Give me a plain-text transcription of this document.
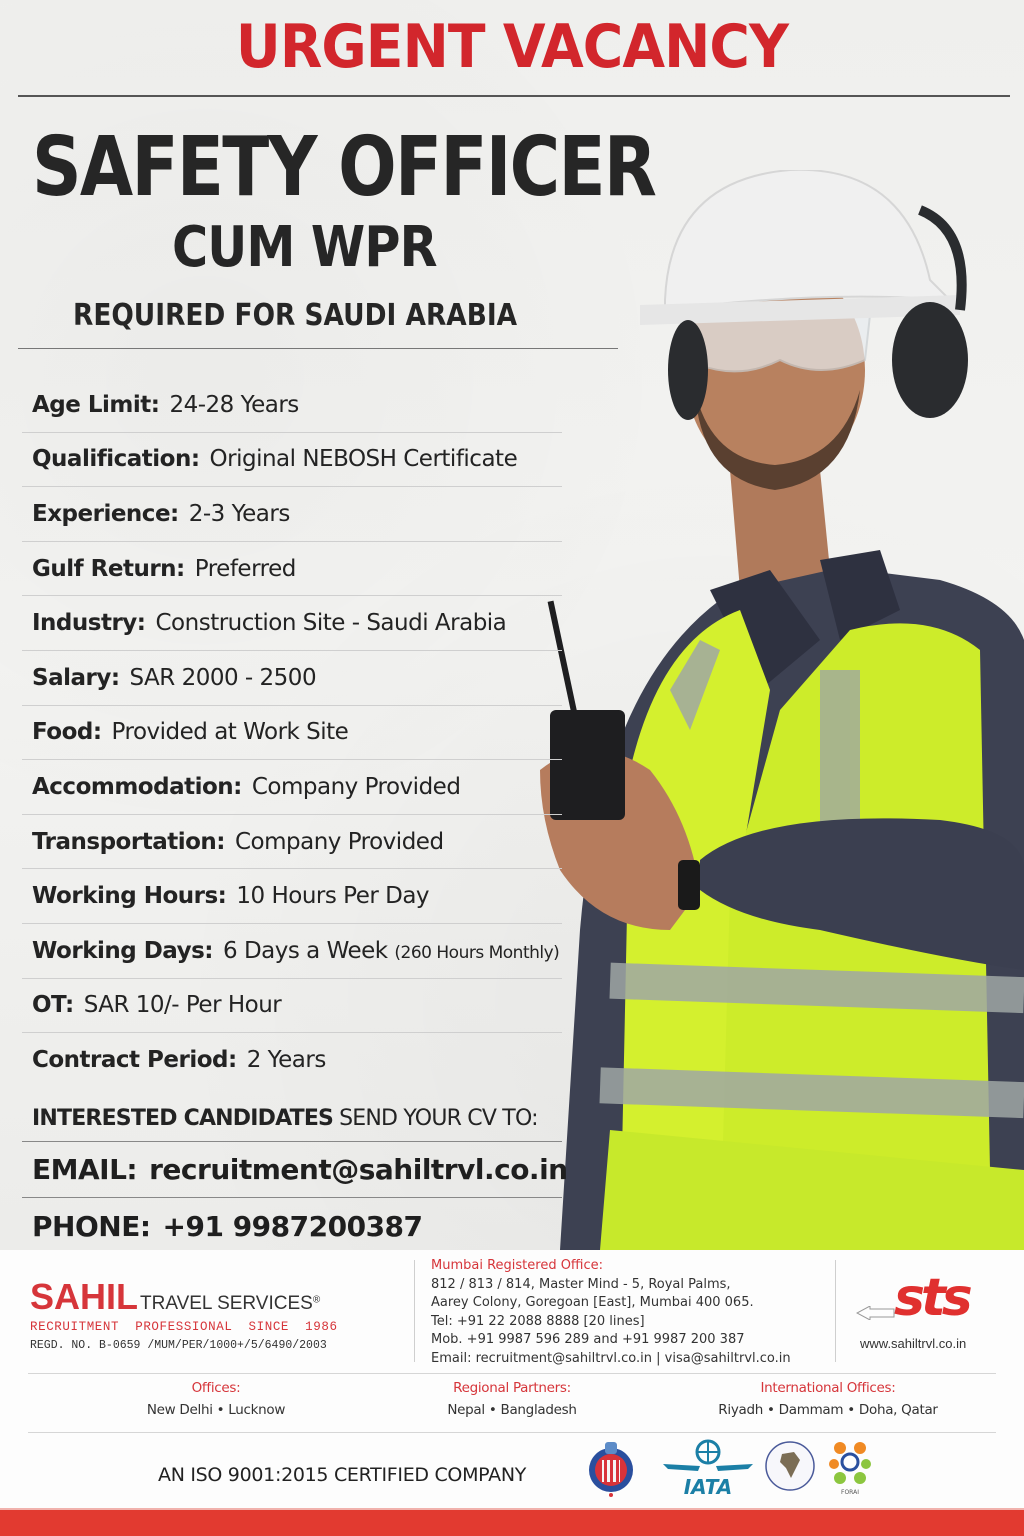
URGENT VACANCY
SAFETY OFFICER
CUM WPR
REQUIRED FOR SAUDI ARABIA
Age Limit: 24-28 Years
Qualification: Original NEBOSH Certificate
Experience: 2-3 Years
Gulf Return: Preferred
Industry: Construction Site - Saudi Arabia
Salary: SAR 2000 - 2500
Food: Provided at Work Site
Accommodation: Company Provided
Transportation: Company Provided
Working Hours: 10 Hours Per Day
Working Days: 6 Days a Week (260 Hours Monthly)
OT: SAR 10/- Per Hour
Contract Period: 2 Years
INTERESTED CANDIDATES SEND YOUR CV TO:
EMAIL: recruitment@sahiltrvl.co.in
PHONE: +91 9987200387
SAHIL TRAVEL SERVICES®
RECRUITMENT PROFESSIONAL SINCE 1986
REGD. NO. B-0659 /MUM/PER/1000+/5/6490/2003
Mumbai Registered Office:
812 / 813 / 814, Master Mind - 5, Royal Palms,
Aarey Colony, Goregoan [East], Mumbai 400 065.
Tel: +91 22 2088 8888 [20 lines]
Mob. +91 9987 596 289 and +91 9987 200 387
Email: recruitment@sahiltrvl.co.in | visa@sahiltrvl.co.in
sts
www.sahiltrvl.co.in
Offices:
New Delhi • Lucknow
Regional Partners:
Nepal • Bangladesh
International Offices:
Riyadh • Dammam • Doha, Qatar
AN ISO 9001:2015 CERTIFIED COMPANY	IATA	FORAI
